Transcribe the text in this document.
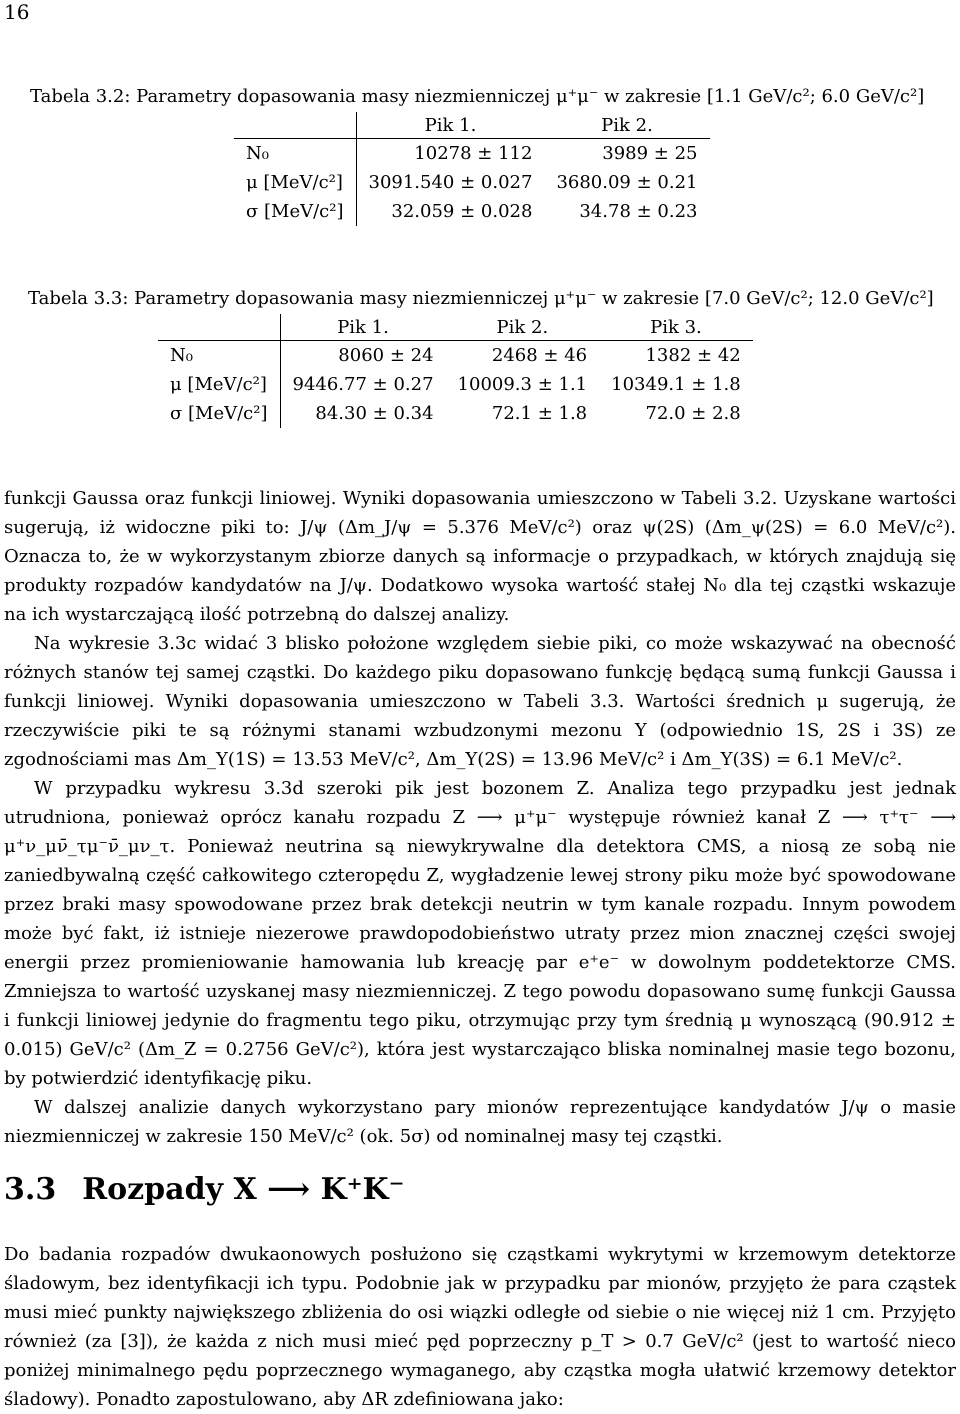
16
Tabela 3.2: Parametry dopasowania masy niezmienniczej μ⁺μ⁻ w zakresie [1.1 GeV/c²; 6.0 GeV/c²]
	Pik 1.	Pik 2.
N₀	10278 ± 112	3989 ± 25
μ [MeV/c²]	3091.540 ± 0.027	3680.09 ± 0.21
σ [MeV/c²]	32.059 ± 0.028	34.78 ± 0.23
Tabela 3.3: Parametry dopasowania masy niezmienniczej μ⁺μ⁻ w zakresie [7.0 GeV/c²; 12.0 GeV/c²]
	Pik 1.	Pik 2.	Pik 3.
N₀	8060 ± 24	2468 ± 46	1382 ± 42
μ [MeV/c²]	9446.77 ± 0.27	10009.3 ± 1.1	10349.1 ± 1.8
σ [MeV/c²]	84.30 ± 0.34	72.1 ± 1.8	72.0 ± 2.8

funkcji Gaussa oraz funkcji liniowej. Wyniki dopasowania umieszczono w Tabeli 3.2. Uzyskane wartości sugerują, iż widoczne piki to: J/ψ (Δm_J/ψ = 5.376 MeV/c²) oraz ψ(2S) (Δm_ψ(2S) = 6.0 MeV/c²). Oznacza to, że w wykorzystanym zbiorze danych są informacje o przypadkach, w których znajdują się produkty rozpadów kandydatów na J/ψ. Dodatkowo wysoka wartość stałej N₀ dla tej cząstki wskazuje na ich wystarczającą ilość potrzebną do dalszej analizy.

Na wykresie 3.3c widać 3 blisko położone względem siebie piki, co może wskazywać na obecność różnych stanów tej samej cząstki. Do każdego piku dopasowano funkcję będącą sumą funkcji Gaussa i funkcji liniowej. Wyniki dopasowania umieszczono w Tabeli 3.3. Wartości średnich μ sugerują, że rzeczywiście piki te są różnymi stanami wzbudzonymi mezonu Υ (odpowiednio 1S, 2S i 3S) ze zgodnościami mas Δm_Υ(1S) = 13.53 MeV/c², Δm_Υ(2S) = 13.96 MeV/c² i Δm_Υ(3S) = 6.1 MeV/c².

W przypadku wykresu 3.3d szeroki pik jest bozonem Z. Analiza tego przypadku jest jednak utrudniona, ponieważ oprócz kanału rozpadu Z ⟶ μ⁺μ⁻ występuje również kanał Z ⟶ τ⁺τ⁻ ⟶ μ⁺ν_μν̄_τμ⁻ν̄_μν_τ. Ponieważ neutrina są niewykrywalne dla detektora CMS, a niosą ze sobą nie zaniedbywalną część całkowitego czteropędu Z, wygładzenie lewej strony piku może być spowodowane przez braki masy spowodowane przez brak detekcji neutrin w tym kanale rozpadu. Innym powodem może być fakt, iż istnieje niezerowe prawdopodobieństwo utraty przez mion znacznej części swojej energii przez promieniowanie hamowania lub kreację par e⁺e⁻ w dowolnym poddetektorze CMS. Zmniejsza to wartość uzyskanej masy niezmienniczej. Z tego powodu dopasowano sumę funkcji Gaussa i funkcji liniowej jedynie do fragmentu tego piku, otrzymując przy tym średnią μ wynoszącą (90.912 ± 0.015) GeV/c² (Δm_Z = 0.2756 GeV/c²), która jest wystarczająco bliska nominalnej masie tego bozonu, by potwierdzić identyfikację piku.

W dalszej analizie danych wykorzystano pary mionów reprezentujące kandydatów J/ψ o masie niezmienniczej w zakresie 150 MeV/c² (ok. 5σ) od nominalnej masy tej cząstki.

3.3 Rozpady X ⟶ K⁺K⁻

Do badania rozpadów dwukaonowych posłużono się cząstkami wykrytymi w krzemowym detektorze śladowym, bez identyfikacji ich typu. Podobnie jak w przypadku par mionów, przyjęto że para cząstek musi mieć punkty największego zbliżenia do osi wiązki odległe od siebie o nie więcej niż 1 cm. Przyjęto również (za [3]), że każda z nich musi mieć pęd poprzeczny p_T > 0.7 GeV/c² (jest to wartość nieco poniżej minimalnego pędu poprzecznego wymaganego, aby cząstka mogła ułatwić krzemowy detektor śladowy). Ponadto zapostulowano, aby ΔR zdefiniowana jako:
